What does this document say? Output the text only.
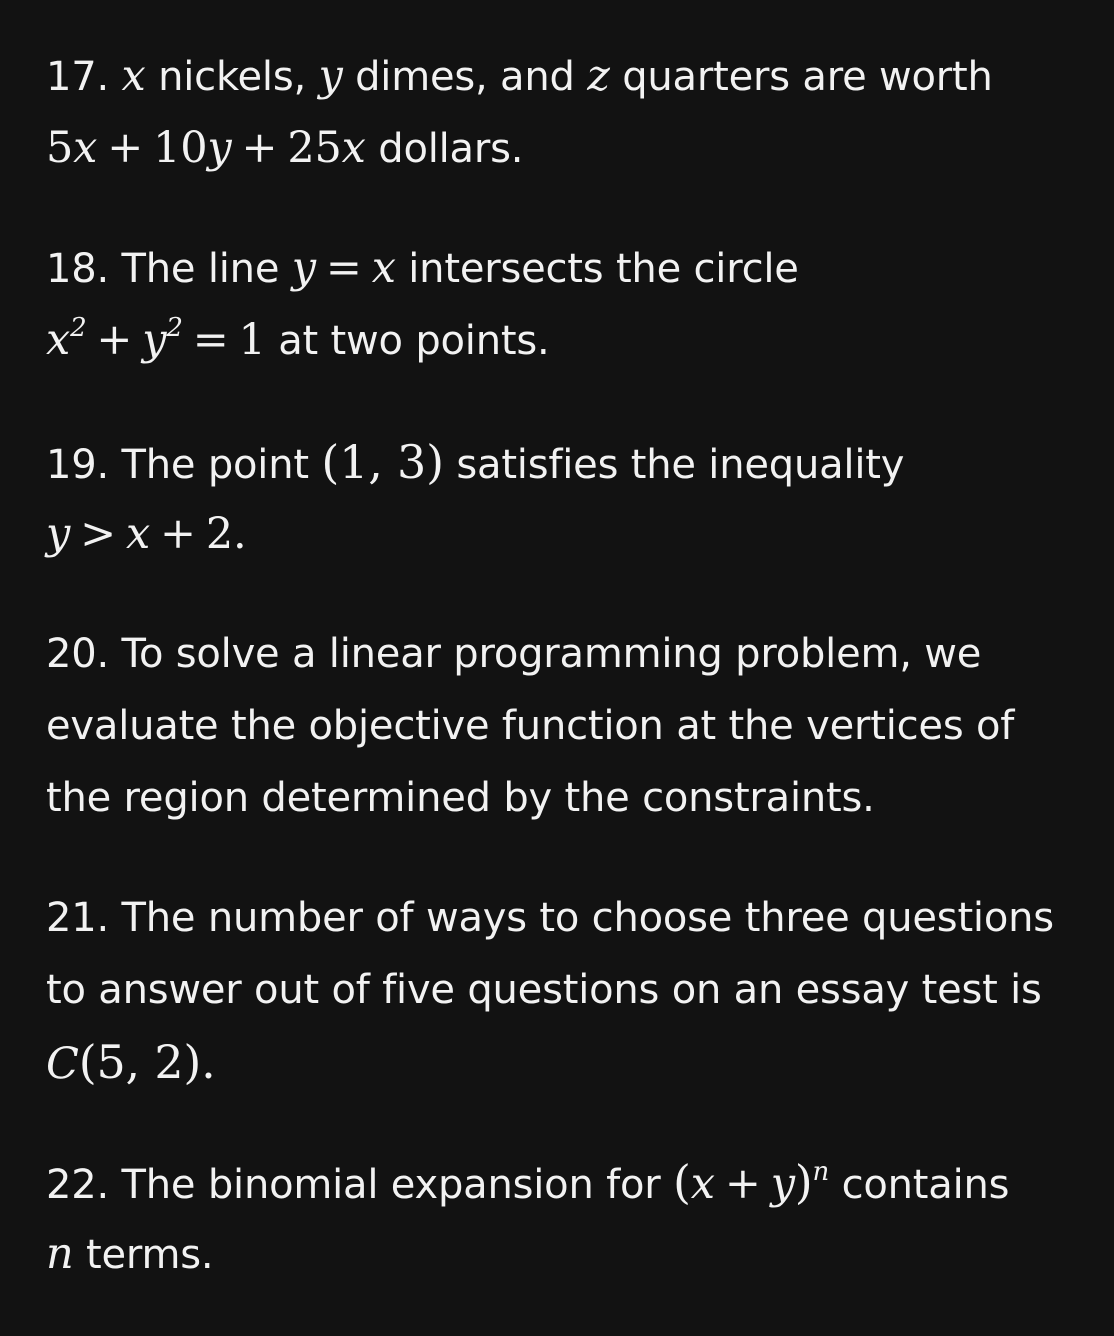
17. x nickels, y dimes, and z quarters are worth
5x + 10y + 25x dollars.
18. The line y = x intersects the circle
$x^2 + y^2 = 1$ at two points.
19. The point (1, 3) satisfies the inequality
y > x + 2.
20. To solve a linear programming problem, we
evaluate the objective function at the vertices of
the region determined by the constraints.
21. The number of ways to choose three questions
to answer out of five questions on an essay test is
C(5, 2).
22. The binomial expansion for $(x + y)^n$ contains
n terms.
